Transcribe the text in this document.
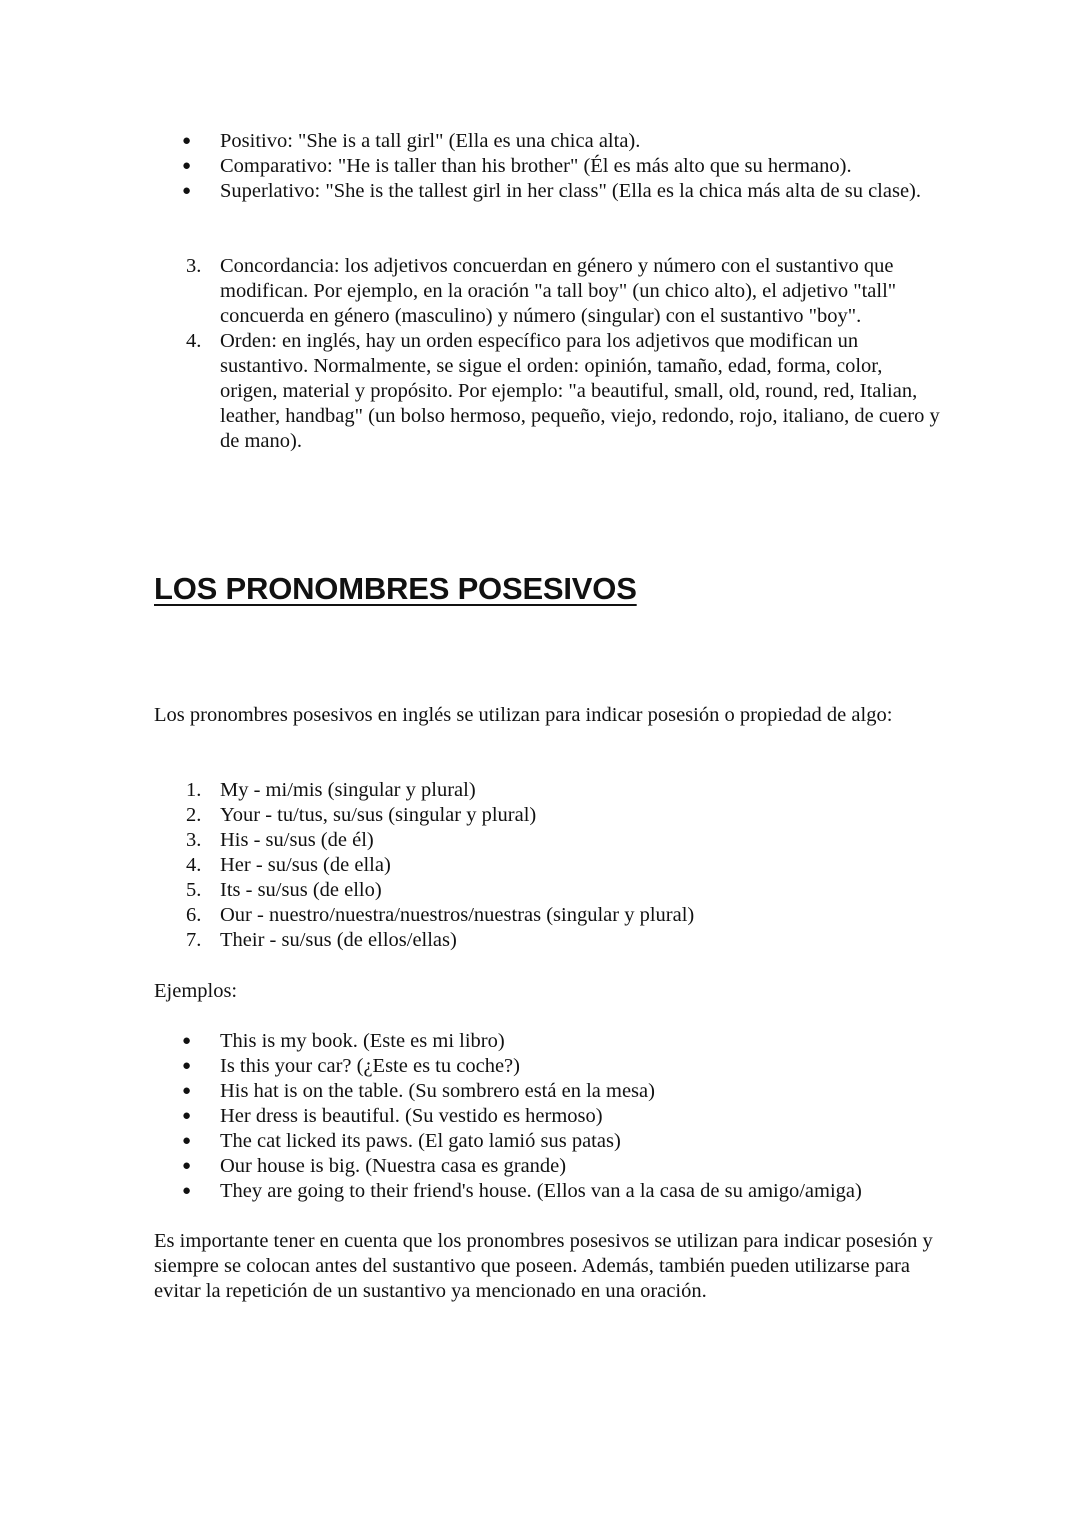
● Positivo: "She is a tall girl" (Ella es una chica alta).
● Comparativo: "He is taller than his brother" (Él es más alto que su hermano).
● Superlativo: "She is the tallest girl in her class" (Ella es la chica más alta de su clase).
3. Concordancia: los adjetivos concuerdan en género y número con el sustantivo que modifican. Por ejemplo, en la oración "a tall boy" (un chico alto), el adjetivo "tall" concuerda en género (masculino) y número (singular) con el sustantivo "boy".
4. Orden: en inglés, hay un orden específico para los adjetivos que modifican un sustantivo. Normalmente, se sigue el orden: opinión, tamaño, edad, forma, color, origen, material y propósito. Por ejemplo: "a beautiful, small, old, round, red, Italian, leather, handbag" (un bolso hermoso, pequeño, viejo, redondo, rojo, italiano, de cuero y de mano).
LOS PRONOMBRES POSESIVOS

Los pronombres posesivos en inglés se utilizan para indicar posesión o propiedad de algo:

1. My - mi/mis (singular y plural)
2. Your - tu/tus, su/sus (singular y plural)
3. His - su/sus (de él)
4. Her - su/sus (de ella)
5. Its - su/sus (de ello)
6. Our - nuestro/nuestra/nuestros/nuestras (singular y plural)
7. Their - su/sus (de ellos/ellas)

Ejemplos:

● This is my book. (Este es mi libro)
● Is this your car? (¿Este es tu coche?)
● His hat is on the table. (Su sombrero está en la mesa)
● Her dress is beautiful. (Su vestido es hermoso)
● The cat licked its paws. (El gato lamió sus patas)
● Our house is big. (Nuestra casa es grande)
● They are going to their friend's house. (Ellos van a la casa de su amigo/amiga)

Es importante tener en cuenta que los pronombres posesivos se utilizan para indicar posesión y siempre se colocan antes del sustantivo que poseen. Además, también pueden utilizarse para evitar la repetición de un sustantivo ya mencionado en una oración.
